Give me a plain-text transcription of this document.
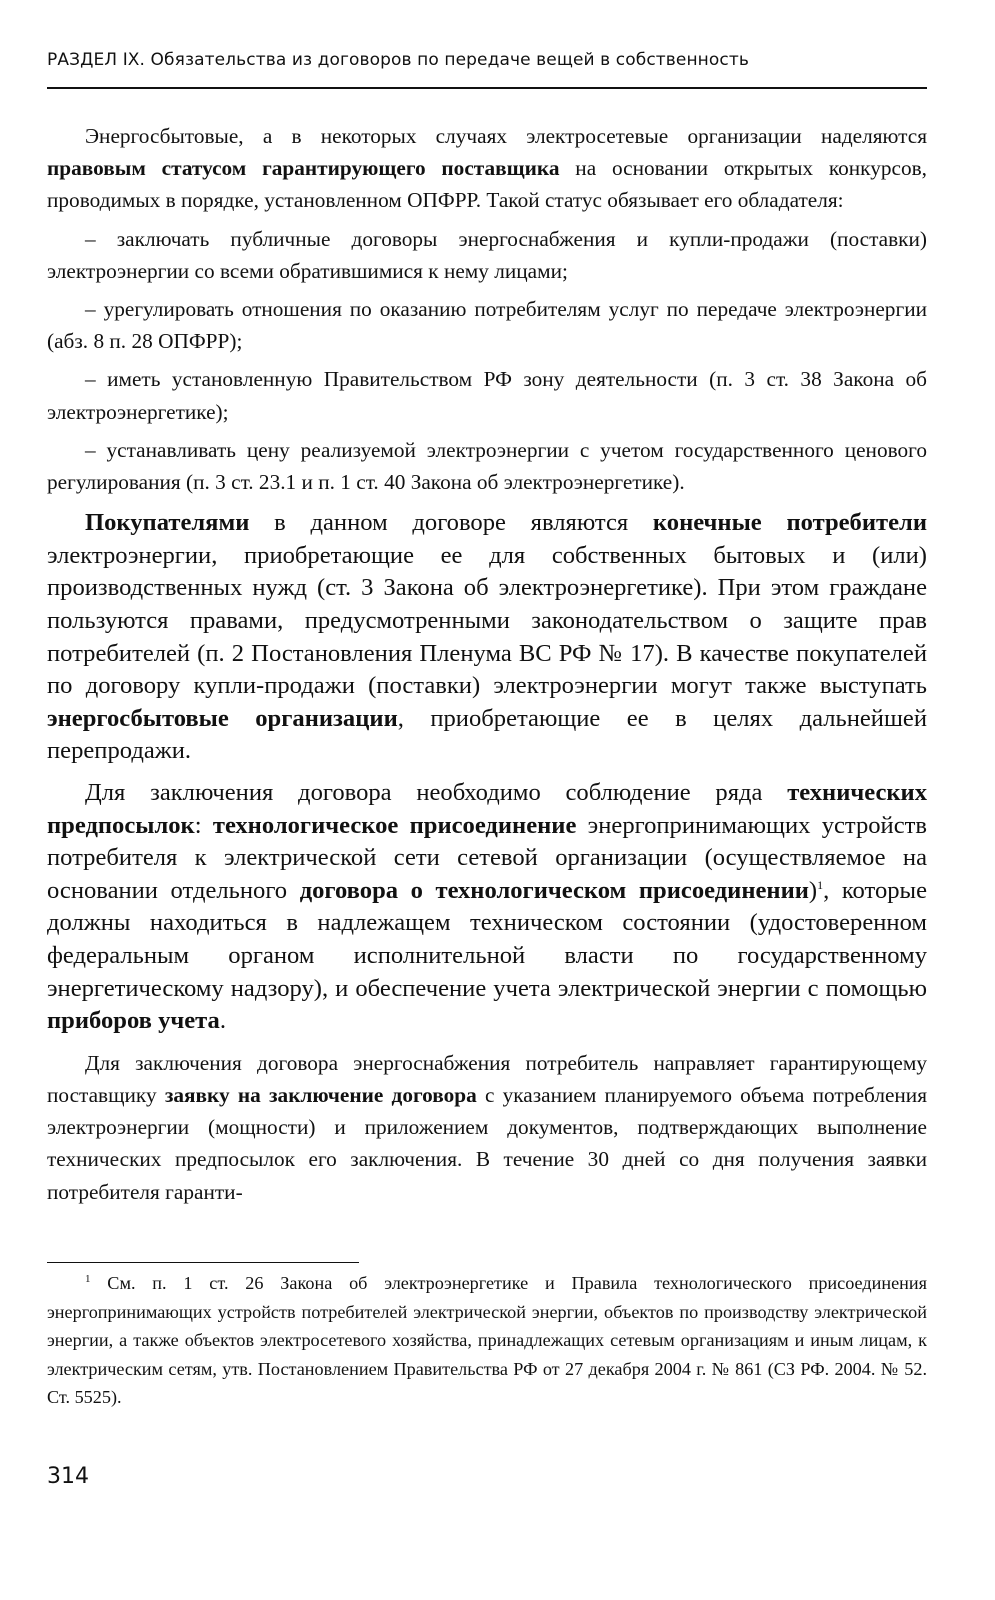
РАЗДЕЛ IX. Обязательства из договоров по передаче вещей в собственность

Энергосбытовые, а в некоторых случаях электросетевые организации наделяются правовым статусом гарантирующего поставщика на основании открытых конкурсов, проводимых в порядке, установленном ОПФРР. Такой статус обязывает его обладателя:

– заключать публичные договоры энергоснабжения и купли-продажи (поставки) электроэнергии со всеми обратившимися к нему лицами;

– урегулировать отношения по оказанию потребителям услуг по передаче электроэнергии (абз. 8 п. 28 ОПФРР);

– иметь установленную Правительством РФ зону деятельности (п. 3 ст. 38 Закона об электроэнергетике);

– устанавливать цену реализуемой электроэнергии с учетом государственного ценового регулирования (п. 3 ст. 23.1 и п. 1 ст. 40 Закона об электроэнергетике).

Покупателями в данном договоре являются конечные потребители электроэнергии, приобретающие ее для собственных бытовых и (или) производственных нужд (ст. 3 Закона об электроэнергетике). При этом граждане пользуются правами, предусмотренными законодательством о защите прав потребителей (п. 2 Постановления Пленума ВС РФ № 17). В качестве покупателей по договору купли-продажи (поставки) электроэнергии могут также выступать энергосбытовые организации, приобретающие ее в целях дальнейшей перепродажи.

Для заключения договора необходимо соблюдение ряда технических предпосылок: технологическое присоединение энергопринимающих устройств потребителя к электрической сети сетевой организации (осуществляемое на основании отдельного договора о технологическом присоединении)$^1$, которые должны находиться в надлежащем техническом состоянии (удостоверенном федеральным органом исполнительной власти по государственному энергетическому надзору), и обеспечение учета электрической энергии с помощью приборов учета.

Для заключения договора энергоснабжения потребитель направляет гарантирующему поставщику заявку на заключение договора с указанием планируемого объема потребления электроэнергии (мощности) и приложением документов, подтверждающих выполнение технических предпосылок его заключения. В течение 30 дней со дня получения заявки потребителя гаранти-

$^1$ См. п. 1 ст. 26 Закона об электроэнергетике и Правила технологического присоединения энергопринимающих устройств потребителей электрической энергии, объектов по производству электрической энергии, а также объектов электросетевого хозяйства, принадлежащих сетевым организациям и иным лицам, к электрическим сетям, утв. Постановлением Правительства РФ от 27 декабря 2004 г. № 861 (СЗ РФ. 2004. № 52. Ст. 5525).

314
